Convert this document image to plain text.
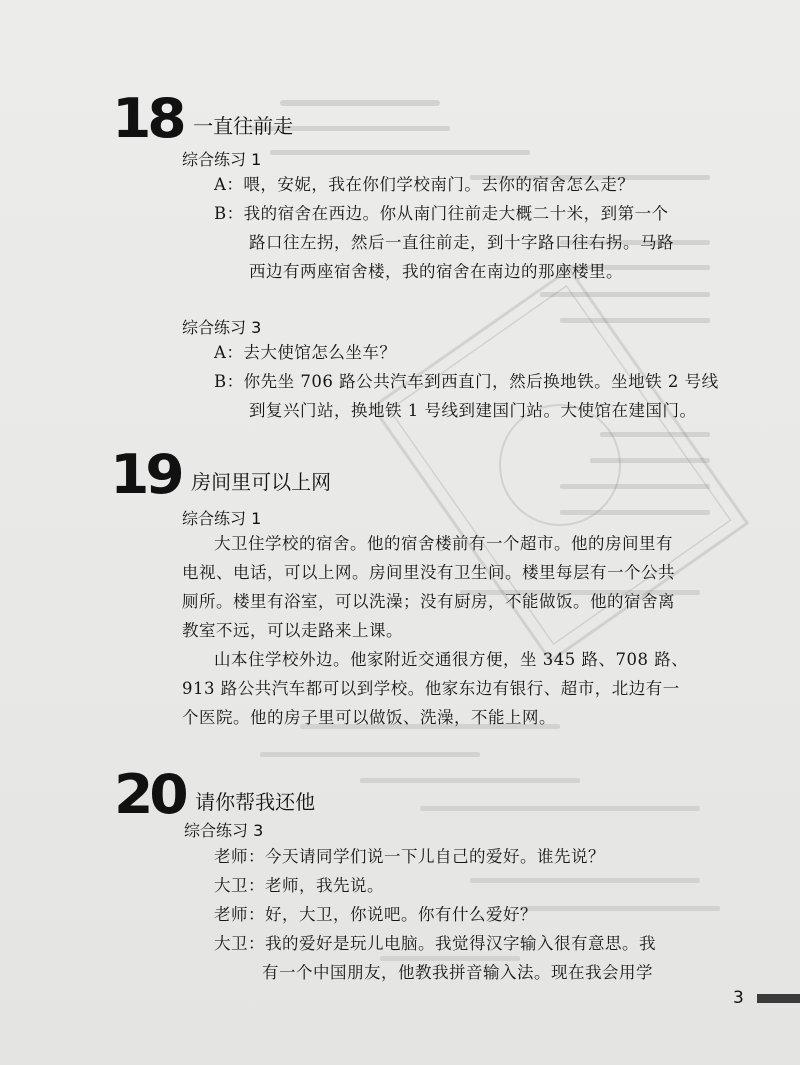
18 一直往前走
综合练习 1
A：喂，安妮，我在你们学校南门。去你的宿舍怎么走？
B：我的宿舍在西边。你从南门往前走大概二十米，到第一个
路口往左拐，然后一直往前走，到十字路口往右拐。马路
西边有两座宿舍楼，我的宿舍在南边的那座楼里。
综合练习 3
A：去大使馆怎么坐车？
B：你先坐 706 路公共汽车到西直门，然后换地铁。坐地铁 2 号线
到复兴门站，换地铁 1 号线到建国门站。大使馆在建国门。
19 房间里可以上网
综合练习 1
大卫住学校的宿舍。他的宿舍楼前有一个超市。他的房间里有
电视、电话，可以上网。房间里没有卫生间。楼里每层有一个公共
厕所。楼里有浴室，可以洗澡；没有厨房，不能做饭。他的宿舍离
教室不远，可以走路来上课。
山本住学校外边。他家附近交通很方便，坐 345 路、708 路、
913 路公共汽车都可以到学校。他家东边有银行、超市，北边有一
个医院。他的房子里可以做饭、洗澡，不能上网。
20 请你帮我还他
综合练习 3
老师：今天请同学们说一下儿自己的爱好。谁先说？
大卫：老师，我先说。
老师：好，大卫，你说吧。你有什么爱好？
大卫：我的爱好是玩儿电脑。我觉得汉字输入很有意思。我
有一个中国朋友，他教我拼音输入法。现在我会用学
3
